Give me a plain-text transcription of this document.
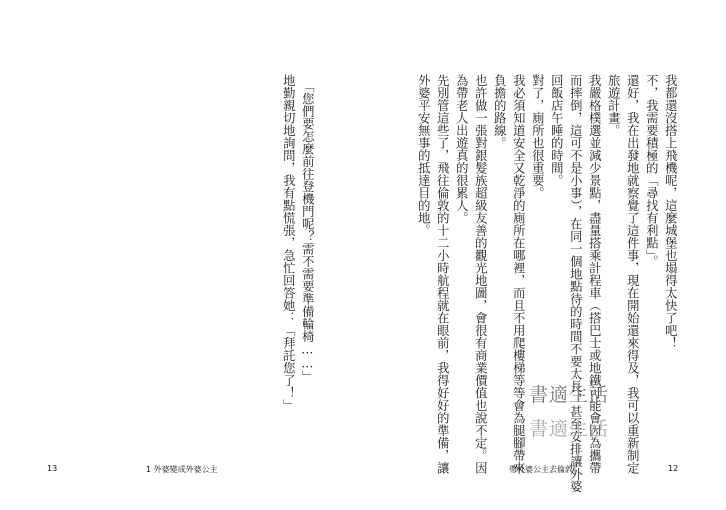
我都還沒搭上飛機呢，這麼城堡也塌得太快了吧！
不，我需要積極的「尋找有利點」。
還好，我在出發地就察覺了這件事，現在開始還來得及，我可以重新制定
旅遊計畫。
我嚴格樸選並減少景點，盡量搭乘計程車（搭巴士或地鐵可能會因為攜帶
而摔倒，這可不是小事），在同一個地點待的時間不要太長，甚至安排讓外婆
回飯店午睡的時間。
對了，廁所也很重要。
我必須知道安全又乾淨的廁所在哪裡，而且不用爬樓梯等等會為腿腳帶來
負擔的路線。
也許做一張對銀髮族超級友善的觀光地圖，會很有商業價值也說不定。因
為帶老人出遊真的很累人。
先別管這些了，飛往倫敦的十二小時航程就在眼前，我得好好的準備，讓
外婆平安無事的抵達目的地。
書適生活
書適生活
帶外婆公主去倫敦！	12
「您們要怎麼前往登機門呢？需不需要準備輪椅……」
地勤親切地詢問，我有點慌張，急忙回答她：「拜託您了！」
13	1 外婆變成外婆公主
